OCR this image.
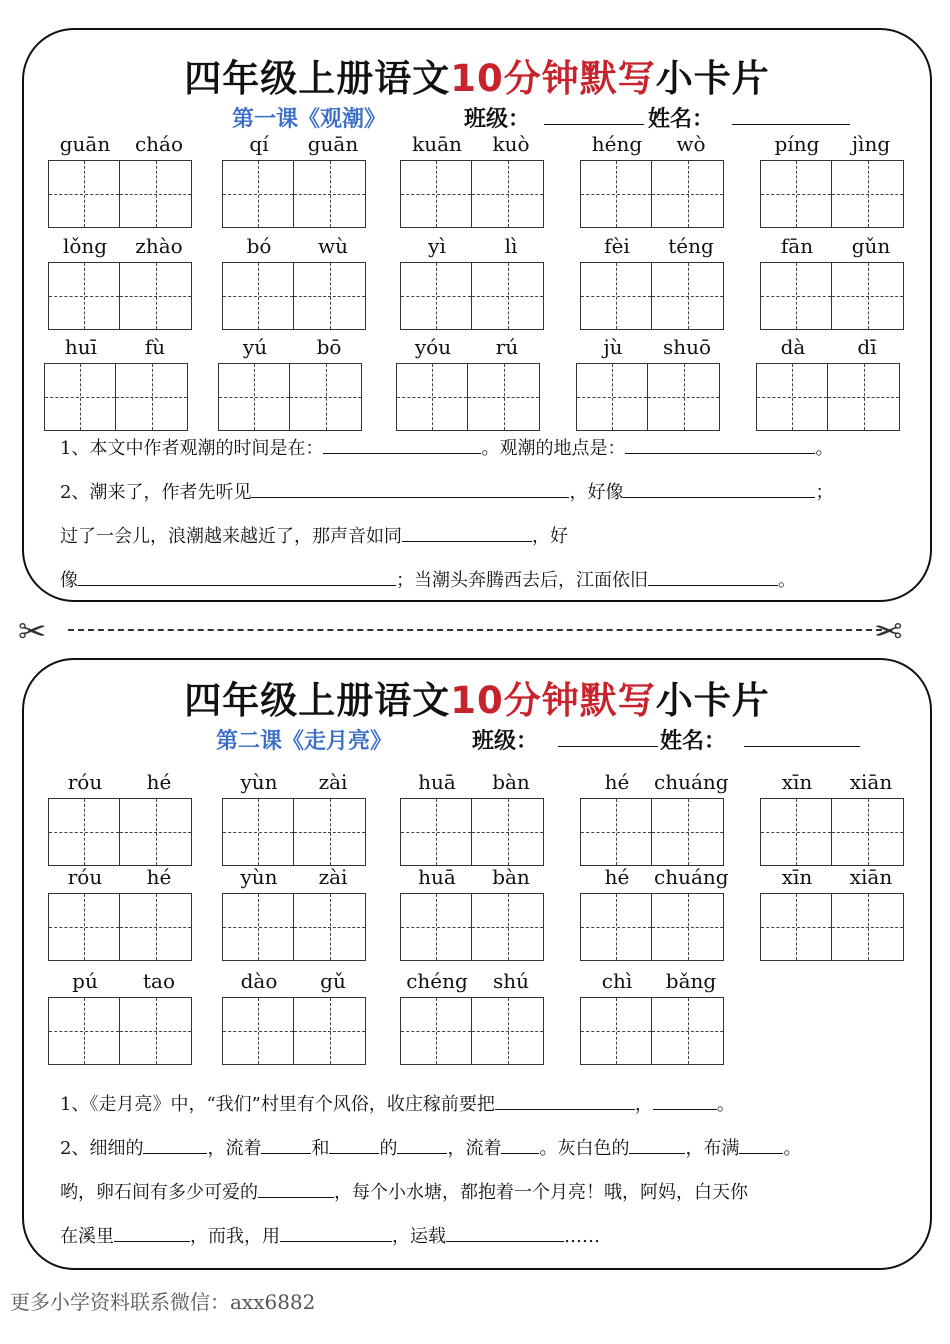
四年级上册语文10分钟默写小卡片
第一课《观潮》	班级：	姓名：
guān	cháo	qí	guān	kuān	kuò	héng	wò	píng	jìng
lǒng	zhào	bó	wù	yì	lì	fèi	téng	fān	gǔn
huī	fù	yú	bō	yóu	rú	jù	shuō	dà	dī
1、本文中作者观潮的时间是在：	。观潮的地点是：	。
2、潮来了，作者先听见	，好像	；
过了一会儿，浪潮越来越近了，那声音如同	，好
像	；当潮头奔腾西去后，江面依旧	。
✂	✂
四年级上册语文10分钟默写小卡片
第二课《走月亮》	班级：	姓名：
róu	hé	yùn	zài	huā	bàn	hé	chuáng	xīn	xiān
róu	hé	yùn	zài	huā	bàn	hé	chuáng	xīn	xiān
pú	tao	dào	gǔ	chéng	shú	chì	bǎng
1、《走月亮》中，“我们”村里有个风俗，收庄稼前要把	，	。
2、细细的	，流着	和	的	，流着 。灰白色的	，布满 。
哟，卵石间有多少可爱的	，每个小水塘，都抱着一个月亮！哦，阿妈，白天你
在溪里	，而我，用	，运载	……
更多小学资料联系微信：axx6882
